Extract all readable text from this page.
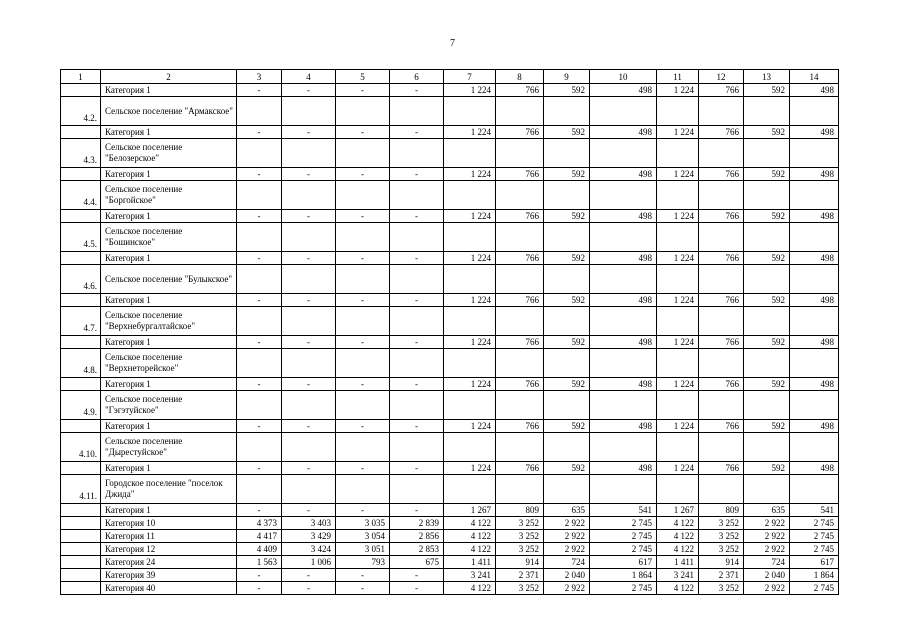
7
1	2	3	4	5	6	7	8	9	10	11	12	13	14
	Категория 1	-	-	-	-	1 224	766	592	498	1 224	766	592	498
4.2.	Сельское поселение "Армакское"												
	Категория 1	-	-	-	-	1 224	766	592	498	1 224	766	592	498
4.3.	Сельское поселение "Белозерское"												
	Категория 1	-	-	-	-	1 224	766	592	498	1 224	766	592	498
4.4.	Сельское поселение "Боргойское"												
	Категория 1	-	-	-	-	1 224	766	592	498	1 224	766	592	498
4.5.	Сельское поселение "Бошинское"												
	Категория 1	-	-	-	-	1 224	766	592	498	1 224	766	592	498
4.6.	Сельское поселение "Булыкское"												
	Категория 1	-	-	-	-	1 224	766	592	498	1 224	766	592	498
4.7.	Сельское поселение "Верхнебургалтайское"												
	Категория 1	-	-	-	-	1 224	766	592	498	1 224	766	592	498
4.8.	Сельское поселение "Верхнеторейское"												
	Категория 1	-	-	-	-	1 224	766	592	498	1 224	766	592	498
4.9.	Сельское поселение "Гэгэтуйское"												
	Категория 1	-	-	-	-	1 224	766	592	498	1 224	766	592	498
4.10.	Сельское поселение "Дырестуйское"												
	Категория 1	-	-	-	-	1 224	766	592	498	1 224	766	592	498
4.11.	Городское поселение "поселок Джида"												
	Категория 1	-	-	-	-	1 267	809	635	541	1 267	809	635	541
	Категория 10	4 373	3 403	3 035	2 839	4 122	3 252	2 922	2 745	4 122	3 252	2 922	2 745
	Категория 11	4 417	3 429	3 054	2 856	4 122	3 252	2 922	2 745	4 122	3 252	2 922	2 745
	Категория 12	4 409	3 424	3 051	2 853	4 122	3 252	2 922	2 745	4 122	3 252	2 922	2 745
	Категория 24	1 563	1 006	793	675	1 411	914	724	617	1 411	914	724	617
	Категория 39	-	-	-	-	3 241	2 371	2 040	1 864	3 241	2 371	2 040	1 864
	Категория 40	-	-	-	-	4 122	3 252	2 922	2 745	4 122	3 252	2 922	2 745
